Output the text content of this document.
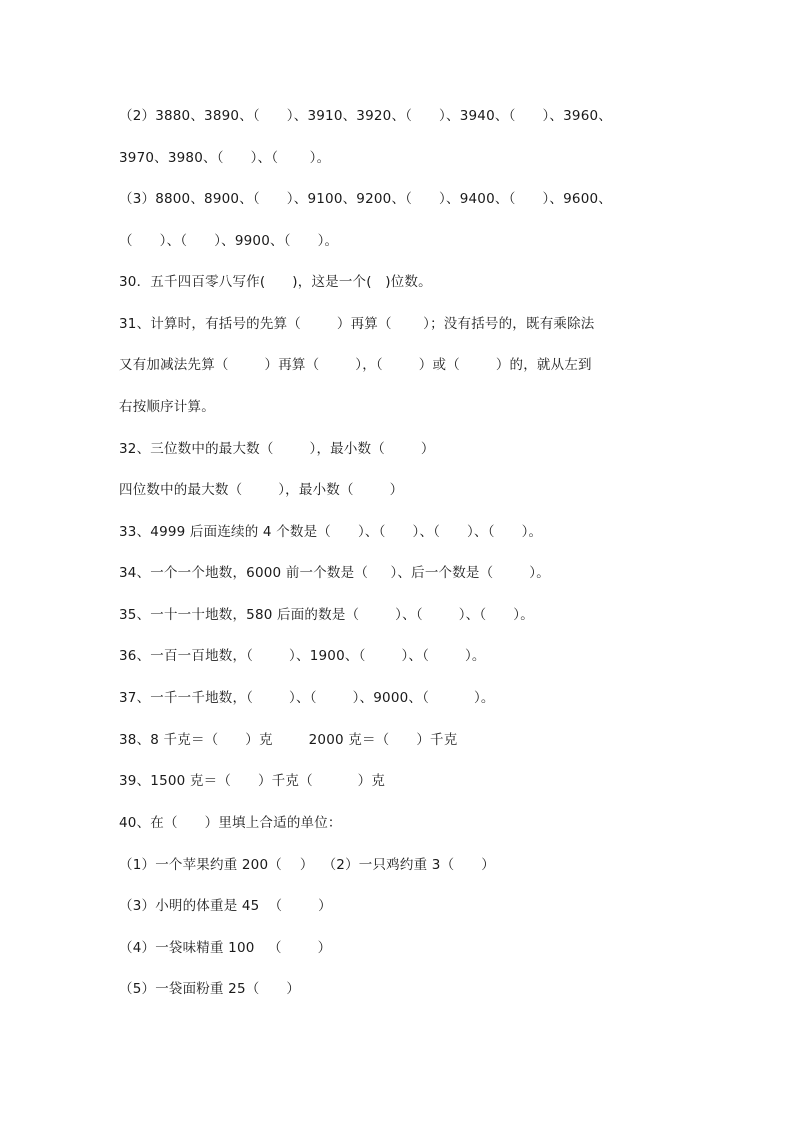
（2）3880、3890、（      ）、3910、3920、（      ）、3940、（      ）、3960、
3970、3980、（      ）、（       ）。
（3）8800、8900、（      ）、9100、9200、（      ）、9400、（      ）、9600、
（      ）、（      ）、9900、（      ）。
30．五千四百零八写作(      )，这是一个(   )位数。
31、计算时，有括号的先算（        ）再算（       ）；没有括号的，既有乘除法
又有加减法先算（        ）再算（        ），（        ）或（        ）的，就从左到
右按顺序计算。
32、三位数中的最大数（        ），最小数（        ）
四位数中的最大数（        ），最小数（        ）
33、4999 后面连续的 4 个数是（      ）、（      ）、（      ）、（      ）。
34、一个一个地数，6000 前一个数是（     ）、后一个数是（        ）。
35、一十一十地数，580 后面的数是（        ）、（        ）、（      ）。
36、一百一百地数，（        ）、1900、（        ）、（        ）。
37、一千一千地数，（        ）、（        ）、9000、（          ）。
38、8 千克＝（      ）克        2000 克＝（      ）千克
39、1500 克＝（      ）千克（          ）克
40、在（      ）里填上合适的单位：
（1）一个苹果约重 200（    ）  （2）一只鸡约重 3（      ）
（3）小明的体重是 45  （        ）
（4）一袋味精重 100   （        ）
（5）一袋面粉重 25（      ）
